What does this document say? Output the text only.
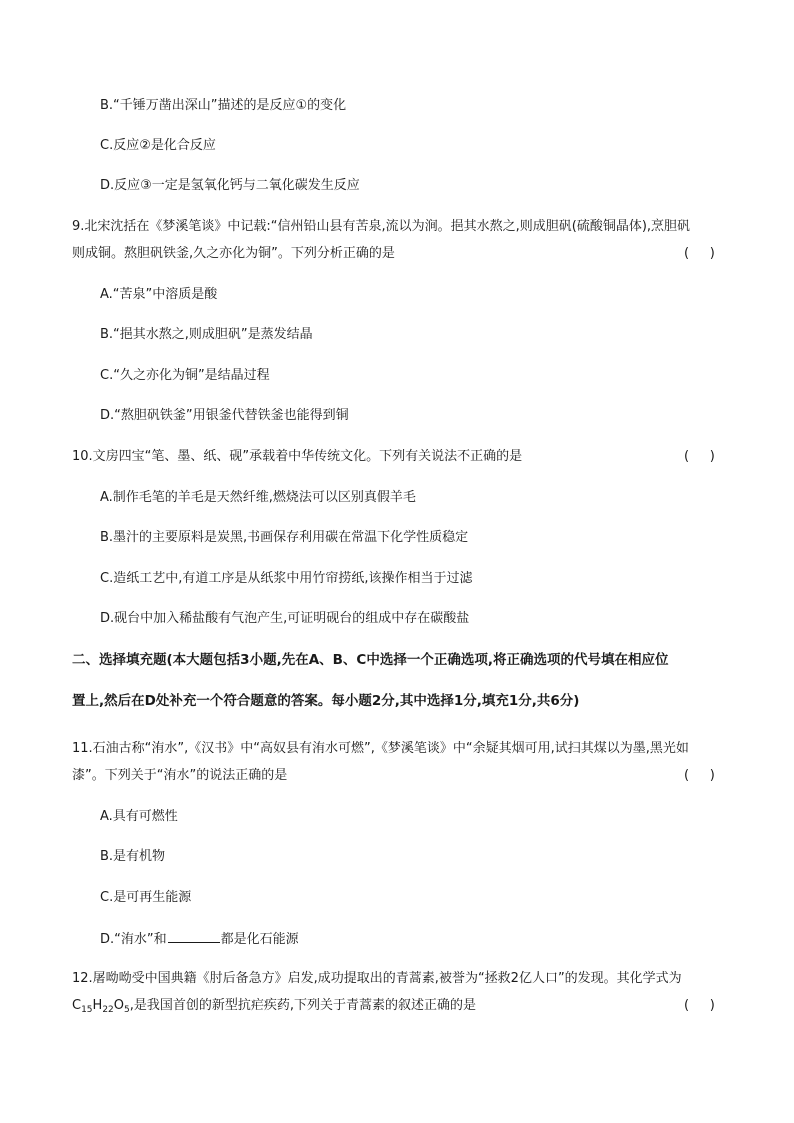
B.“千锤万凿出深山”描述的是反应①的变化
C.反应②是化合反应
D.反应③一定是氢氧化钙与二氧化碳发生反应
9.北宋沈括在《梦溪笔谈》中记载:“信州铅山县有苦泉,流以为涧。挹其水熬之,则成胆矾(硫酸铜晶体),烹胆矾
则成铜。熬胆矾铁釜,久之亦化为铜”。下列分析正确的是	(     )
A.“苦泉”中溶质是酸
B.“挹其水熬之,则成胆矾”是蒸发结晶
C.“久之亦化为铜”是结晶过程
D.“熬胆矾铁釜”用银釜代替铁釜也能得到铜
10.文房四宝“笔、墨、纸、砚”承载着中华传统文化。下列有关说法不正确的是	(     )
A.制作毛笔的羊毛是天然纤维,燃烧法可以区别真假羊毛
B.墨汁的主要原料是炭黑,书画保存利用碳在常温下化学性质稳定
C.造纸工艺中,有道工序是从纸浆中用竹帘捞纸,该操作相当于过滤
D.砚台中加入稀盐酸有气泡产生,可证明砚台的组成中存在碳酸盐
二、选择填充题(本大题包括3小题,先在A、B、C中选择一个正确选项,将正确选项的代号填在相应位
置上,然后在D处补充一个符合题意的答案。每小题2分,其中选择1分,填充1分,共6分)
11.石油古称“洧水”,《汉书》中“高奴县有洧水可燃”,《梦溪笔谈》中“余疑其烟可用,试扫其煤以为墨,黑光如
漆”。下列关于“洧水”的说法正确的是	(     )
A.具有可燃性
B.是有机物
C.是可再生能源
D.“洧水”和	都是化石能源
12.屠呦呦受中国典籍《肘后备急方》启发,成功提取出的青蒿素,被誉为“拯救2亿人口”的发现。其化学式为
$C_{15}H_{22}O_5$,是我国首创的新型抗疟疾药,下列关于青蒿素的叙述正确的是	(     )
